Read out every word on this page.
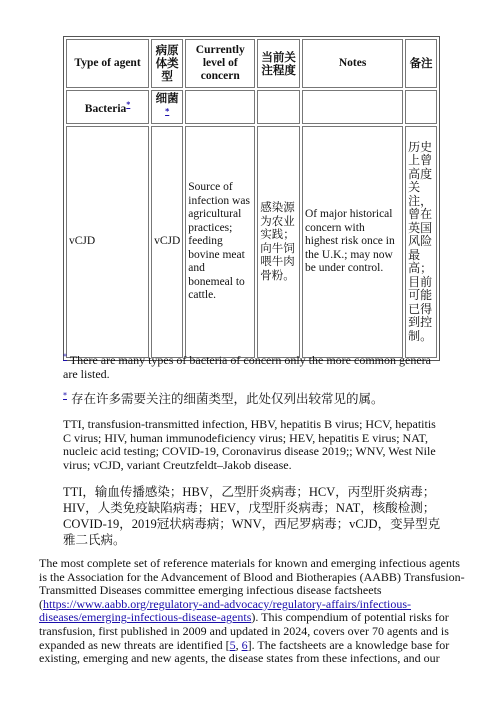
Type of agent	病原体类型	Currently level of concern	当前关注程度	Notes	备注
Bacteria*	细菌*				
vCJD	vCJD	Source of infection was agricultural practices; feeding bovine meat and bonemeal to cattle.	感染源为农业实践；向牛饲喂牛肉骨粉。	Of major historical concern with highest risk once in the U.K.; may now be under control.	历史上曾高度关注，曾在英国风险最高；目前可能已得到控制。

* There are many types of bacteria of concern only the more common genera are listed.

* 存在许多需要关注的细菌类型，此处仅列出较常见的属。

TTI, transfusion-transmitted infection, HBV, hepatitis B virus; HCV, hepatitis C virus; HIV, human immunodeficiency virus; HEV, hepatitis E virus; NAT, nucleic acid testing; COVID-19, Coronavirus disease 2019;; WNV, West Nile virus; vCJD, variant Creutzfeldt–Jakob disease.

TTI，输血传播感染；HBV，乙型肝炎病毒；HCV，丙型肝炎病毒；HIV，人类免疫缺陷病毒；HEV，戊型肝炎病毒；NAT，核酸检测；COVID-19，2019冠状病毒病；WNV，西尼罗病毒；vCJD，变异型克雅二氏病。

The most complete set of reference materials for known and emerging infectious agents is the Association for the Advancement of Blood and Biotherapies (AABB) Transfusion-Transmitted Diseases committee emerging infectious disease factsheets (https://www.aabb.org/regulatory-and-advocacy/regulatory-affairs/infectious-diseases/emerging-infectious-disease-agents). This compendium of potential risks for transfusion, first published in 2009 and updated in 2024, covers over 70 agents and is expanded as new threats are identified [5, 6]. The factsheets are a knowledge base for existing, emerging and new agents, the disease states from these infections, and our
